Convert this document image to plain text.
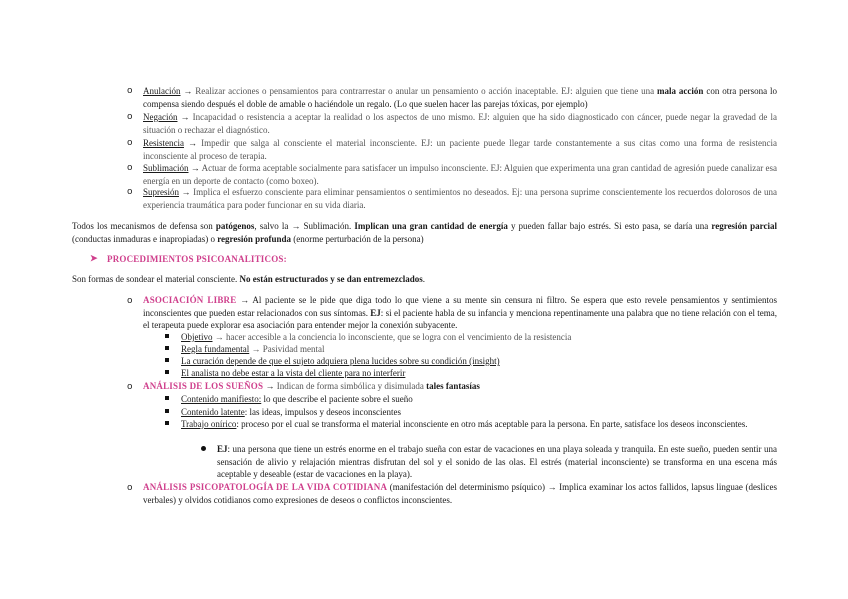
o Anulación → Realizar acciones o pensamientos para contrarrestar o anular un pensamiento o acción inaceptable. EJ: alguien que tiene una mala acción con otra persona lo compensa siendo después el doble de amable o haciéndole un regalo. (Lo que suelen hacer las parejas tóxicas, por ejemplo)
o Negación → Incapacidad o resistencia a aceptar la realidad o los aspectos de uno mismo. EJ: alguien que ha sido diagnosticado con cáncer, puede negar la gravedad de la situación o rechazar el diagnóstico.
o Resistencia → Impedir que salga al consciente el material inconsciente. EJ: un paciente puede llegar tarde constantemente a sus citas como una forma de resistencia inconsciente al proceso de terapia.
o Sublimación → Actuar de forma aceptable socialmente para satisfacer un impulso inconsciente. EJ: Alguien que experimenta una gran cantidad de agresión puede canalizar esa energía en un deporte de contacto (como boxeo).
o Supresión → Implica el esfuerzo consciente para eliminar pensamientos o sentimientos no deseados. Ej: una persona suprime conscientemente los recuerdos dolorosos de una experiencia traumática para poder funcionar en su vida diaria.
Todos los mecanismos de defensa son patógenos, salvo la → Sublimación. Implican una gran cantidad de energía y pueden fallar bajo estrés. Si esto pasa, se daría una regresión parcial (conductas inmaduras e inapropiadas) o regresión profunda (enorme perturbación de la persona)
➤ PROCEDIMIENTOS PSICOANALITICOS:
Son formas de sondear el material consciente. No están estructurados y se dan entremezclados.
o ASOCIACIÓN LIBRE → Al paciente se le pide que diga todo lo que viene a su mente sin censura ni filtro. Se espera que esto revele pensamientos y sentimientos inconscientes que pueden estar relacionados con sus síntomas. EJ: si el paciente habla de su infancia y menciona repentinamente una palabra que no tiene relación con el tema, el terapeuta puede explorar esa asociación para entender mejor la conexión subyacente.
Objetivo → hacer accesible a la conciencia lo inconsciente, que se logra con el vencimiento de la resistencia
Regla fundamental → Pasividad mental
La curación depende de que el sujeto adquiera plena lucides sobre su condición (insight)
El analista no debe estar a la vista del cliente para no interferir
o ANÁLISIS DE LOS SUEÑOS → Indican de forma simbólica y disimulada tales fantasías
Contenido manifiesto: lo que describe el paciente sobre el sueño
Contenido latente: las ideas, impulsos y deseos inconscientes
Trabajo onírico: proceso por el cual se transforma el material inconsciente en otro más aceptable para la persona. En parte, satisface los deseos inconscientes.
EJ: una persona que tiene un estrés enorme en el trabajo sueña con estar de vacaciones en una playa soleada y tranquila. En este sueño, pueden sentir una sensación de alivio y relajación mientras disfrutan del sol y el sonido de las olas. El estrés (material inconsciente) se transforma en una escena más aceptable y deseable (estar de vacaciones en la playa).
o ANÁLISIS PSICOPATOLOGÍA DE LA VIDA COTIDIANA (manifestación del determinismo psíquico) → Implica examinar los actos fallidos, lapsus linguae (deslices verbales) y olvidos cotidianos como expresiones de deseos o conflictos inconscientes.
